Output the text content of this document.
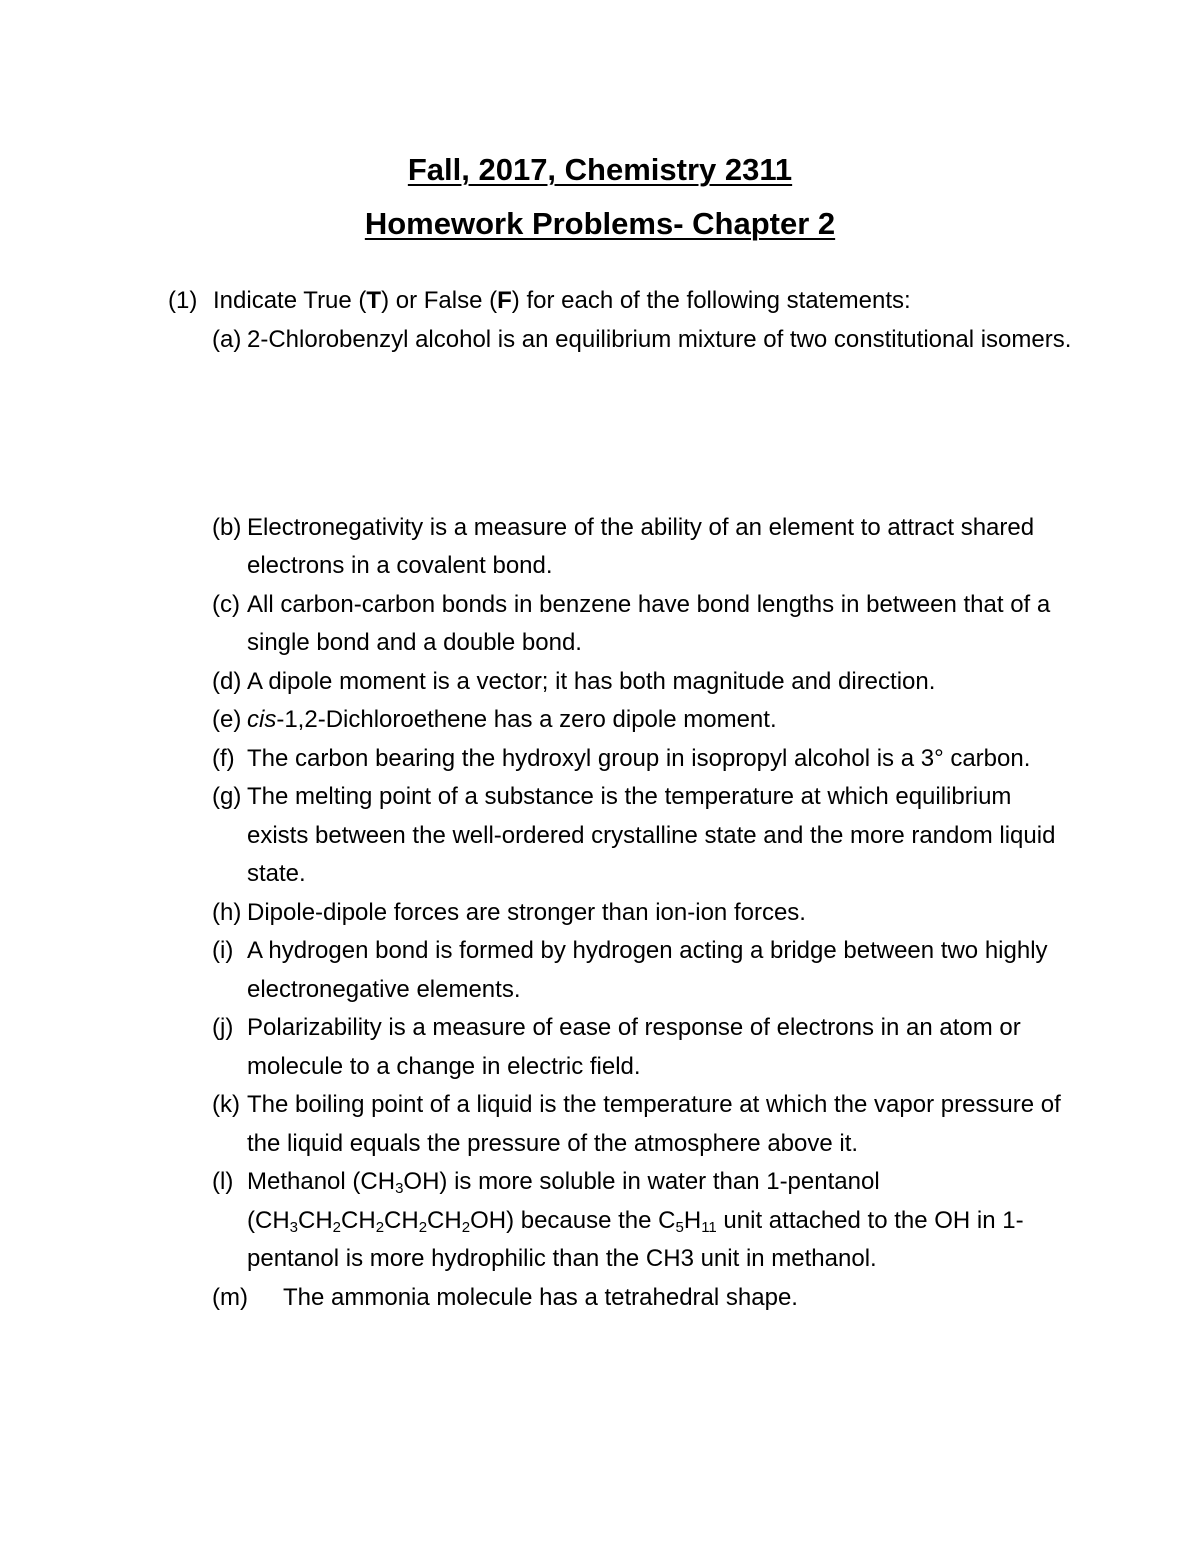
Fall, 2017, Chemistry 2311
Homework Problems- Chapter 2
(1) Indicate True (T) or False (F) for each of the following statements:
(a) 2-Chlorobenzyl alcohol is an equilibrium mixture of two constitutional isomers.
(b) Electronegativity is a measure of the ability of an element to attract shared electrons in a covalent bond.
(c) All carbon-carbon bonds in benzene have bond lengths in between that of a single bond and a double bond.
(d) A dipole moment is a vector; it has both magnitude and direction.
(e) cis-1,2-Dichloroethene has a zero dipole moment.
(f) The carbon bearing the hydroxyl group in isopropyl alcohol is a 3° carbon.
(g) The melting point of a substance is the temperature at which equilibrium exists between the well-ordered crystalline state and the more random liquid state.
(h) Dipole-dipole forces are stronger than ion-ion forces.
(i) A hydrogen bond is formed by hydrogen acting a bridge between two highly electronegative elements.
(j) Polarizability is a measure of ease of response of electrons in an atom or molecule to a change in electric field.
(k) The boiling point of a liquid is the temperature at which the vapor pressure of the liquid equals the pressure of the atmosphere above it.
(l) Methanol $(CH_3OH)$ is more soluble in water than 1-pentanol $(CH_3CH_2CH_2CH_2CH_2OH)$ because the $C_5H_{11}$ unit attached to the OH in 1-pentanol is more hydrophilic than the CH3 unit in methanol.
(m) The ammonia molecule has a tetrahedral shape.
